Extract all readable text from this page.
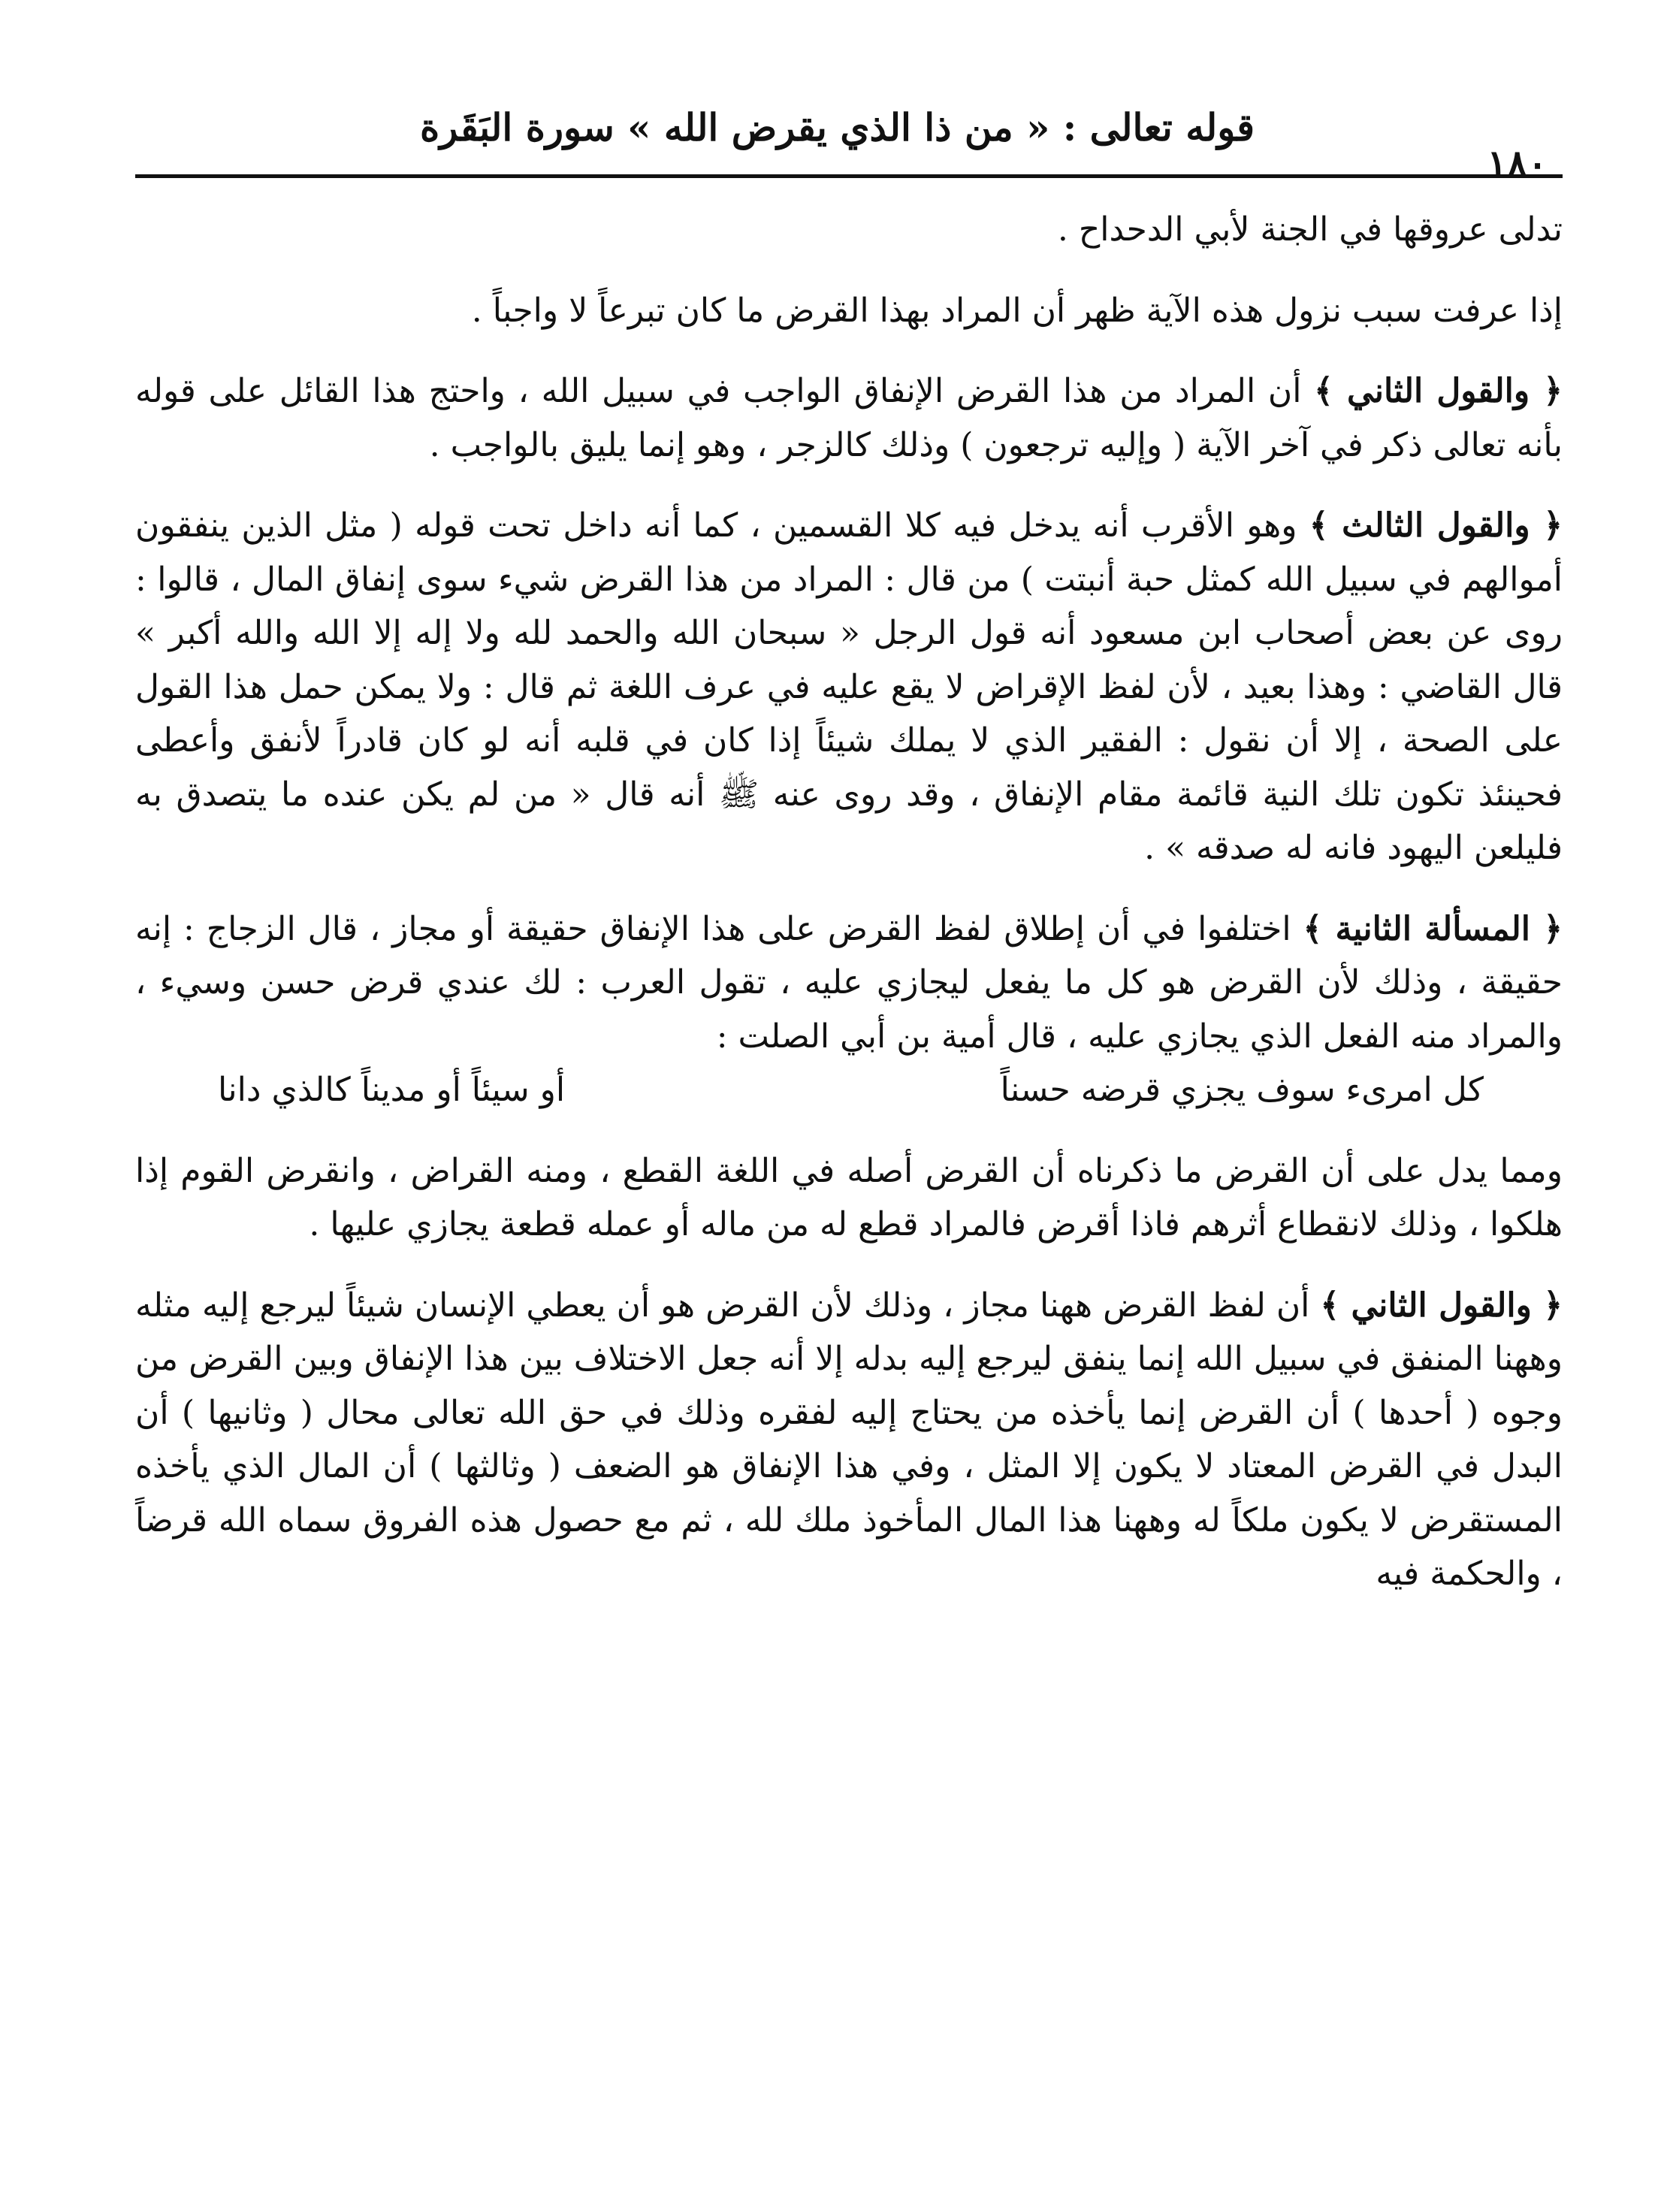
١٨٠
قوله تعالى : « من ذا الذي يقرض الله » سورة البَقَرة

تدلى عروقها في الجنة لأبي الدحداح .

إذا عرفت سبب نزول هذه الآية ظهر أن المراد بهذا القرض ما كان تبرعاً لا واجباً .

﴿ والقول الثاني ﴾ أن المراد من هذا القرض الإنفاق الواجب في سبيل الله ، واحتج هذا القائل على قوله بأنه تعالى ذكر في آخر الآية ( وإليه ترجعون ) وذلك كالزجر ، وهو إنما يليق بالواجب .

﴿ والقول الثالث ﴾ وهو الأقرب أنه يدخل فيه كلا القسمين ، كما أنه داخل تحت قوله ( مثل الذين ينفقون أموالهم في سبيل الله كمثل حبة أنبتت ) من قال : المراد من هذا القرض شيء سوى إنفاق المال ، قالوا : روى عن بعض أصحاب ابن مسعود أنه قول الرجل « سبحان الله والحمد لله ولا إله إلا الله والله أكبر » قال القاضي : وهذا بعيد ، لأن لفظ الإقراض لا يقع عليه في عرف اللغة ثم قال : ولا يمكن حمل هذا القول على الصحة ، إلا أن نقول : الفقير الذي لا يملك شيئاً إذا كان في قلبه أنه لو كان قادراً لأنفق وأعطى فحينئذ تكون تلك النية قائمة مقام الإنفاق ، وقد روى عنه ﷺ أنه قال « من لم يكن عنده ما يتصدق به فليلعن اليهود فانه له صدقه » .

﴿ المسألة الثانية ﴾ اختلفوا في أن إطلاق لفظ القرض على هذا الإنفاق حقيقة أو مجاز ، قال الزجاج : إنه حقيقة ، وذلك لأن القرض هو كل ما يفعل ليجازي عليه ، تقول العرب : لك عندي قرض حسن وسيء ، والمراد منه الفعل الذي يجازي عليه ، قال أمية بن أبي الصلت :

كل امرىء سوف يجزي قرضه حسناً
أو سيئاً أو مديناً كالذي دانا

ومما يدل على أن القرض ما ذكرناه أن القرض أصله في اللغة القطع ، ومنه القراض ، وانقرض القوم إذا هلكوا ، وذلك لانقطاع أثرهم فاذا أقرض فالمراد قطع له من ماله أو عمله قطعة يجازي عليها .

﴿ والقول الثاني ﴾ أن لفظ القرض ههنا مجاز ، وذلك لأن القرض هو أن يعطي الإنسان شيئاً ليرجع إليه مثله وههنا المنفق في سبيل الله إنما ينفق ليرجع إليه بدله إلا أنه جعل الاختلاف بين هذا الإنفاق وبين القرض من وجوه ( أحدها ) أن القرض إنما يأخذه من يحتاج إليه لفقره وذلك في حق الله تعالى محال ( وثانيها ) أن البدل في القرض المعتاد لا يكون إلا المثل ، وفي هذا الإنفاق هو الضعف ( وثالثها ) أن المال الذي يأخذه المستقرض لا يكون ملكاً له وههنا هذا المال المأخوذ ملك لله ، ثم مع حصول هذه الفروق سماه الله قرضاً ، والحكمة فيه
